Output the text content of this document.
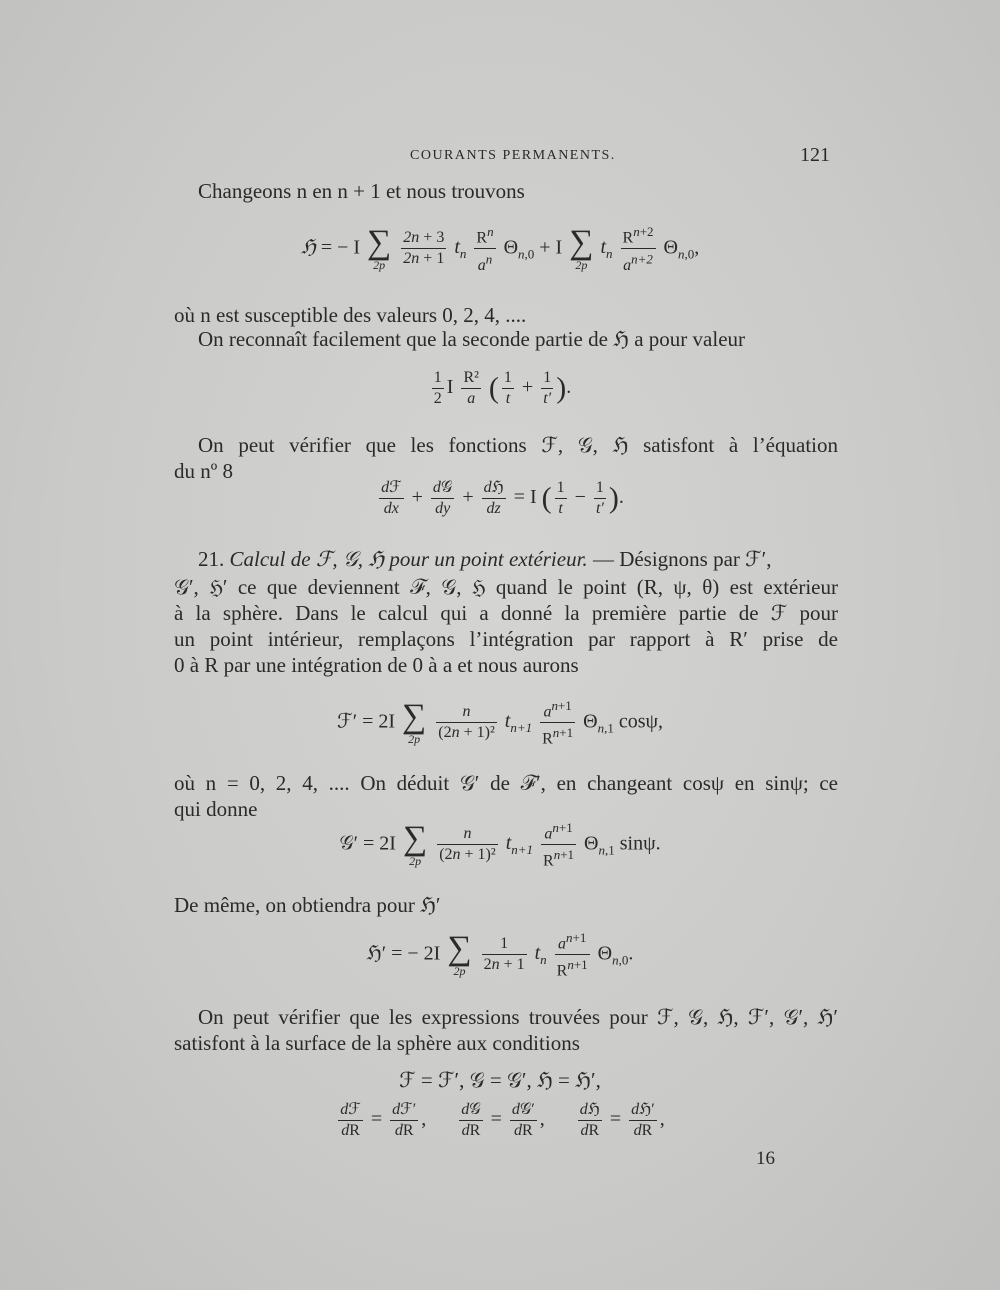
COURANTS PERMANENTS.	121
Changeons n en n + 1 et nous trouvons
ℌ = − I ∑
2p
	$\frac{2n + 3}{2n + 1} t_n \frac{R^n}{a^n} \Theta_{n,0} + I$ ∑
2p
$t_n \frac{R^{n+2}}{a^{n+2}} \Theta_{n,0}$,
où n est susceptible des valeurs 0, 2, 4, ....
On reconnaît facilement que la seconde partie de ℌ a pour valeur
$\frac{1}{2}$ I $\frac{\text{R²}}{a}$ ( $\frac{1}{t} + \frac{1}{t'}$ ).
On peut vérifier que les fonctions ℱ, 𝒢, ℌ satisfont à l’équation
du nº 8
$\frac{\text{dℱ}}{dx} + \frac{\text{d𝒢}}{dy} + \frac{\text{dℌ}}{dz} = I$ ( $\frac{1}{t} - \frac{1}{t'}$ ).
21. Calcul de ℱ, 𝒢, ℌ pour un point extérieur. — Désignons par ℱ′,
𝒢′, ℌ′ ce que deviennent ℱ, 𝒢, ℌ quand le point (R, ψ, θ) est extérieur
à la sphère. Dans le calcul qui a donné la première partie de ℱ pour
un point intérieur, remplaçons l’intégration par rapport à R′ prise de
0 à R par une intégration de 0 à a et nous aurons
ℱ′ = 2I ∑
2p
	$\frac{n}{\text{(2n + 1)²}} t_{n+1} \frac{a^{n+1}}{R^{n+1}} \Theta_{n,1}$ cosψ,
où n = 0, 2, 4, .... On déduit 𝒢′ de ℱ′, en changeant cosψ en sinψ; ce
qui donne
𝒢′ = 2I ∑
2p
	$\frac{n}{\text{(2n + 1)²}} t_{n+1} \frac{a^{n+1}}{R^{n+1}} \Theta_{n,1}$ sinψ.
De même, on obtiendra pour ℌ′
ℌ′ = − 2I ∑
2p
	$\frac{1}{2n + 1} t_n \frac{a^{n+1}}{R^{n+1}} \Theta_{n,0}$.
On peut vérifier que les expressions trouvées pour ℱ, 𝒢, ℌ, ℱ′, 𝒢′, ℌ′
satisfont à la surface de la sphère aux conditions
ℱ = ℱ′, 𝒢 = 𝒢′, ℌ = ℌ′,
$\frac{\text{dℱ}}{dR} = \frac{\text{dℱ′}}{dR}$ , $\frac{\text{d𝒢}}{dR} = \frac{\text{d𝒢′}}{dR}$ , $\frac{\text{dℌ}}{dR} = \frac{\text{dℌ′}}{dR}$ ,
16
